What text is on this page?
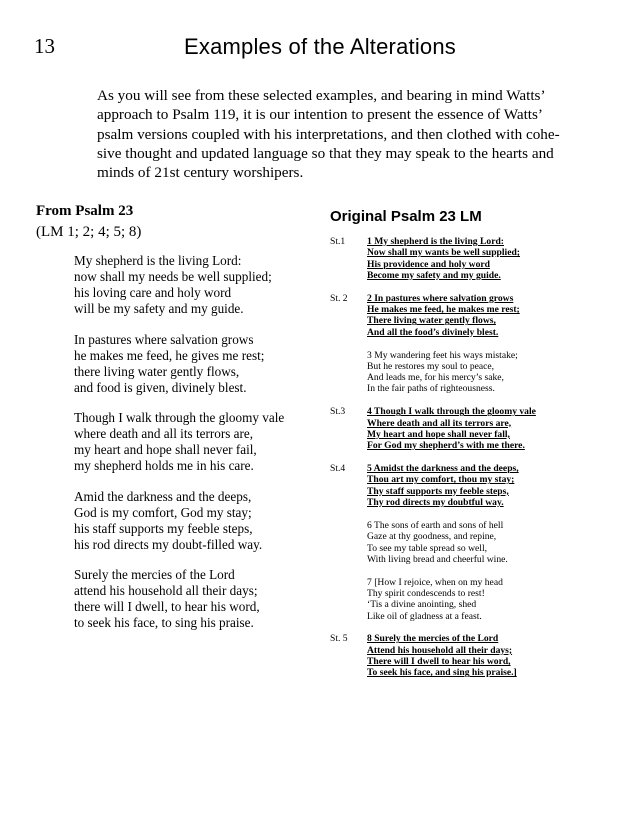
13	Examples of the Alterations
As you will see from these selected examples, and bearing in mind Watts’
approach to Psalm 119, it is our intention to present the essence of Watts’
psalm versions coupled with his interpretations, and then clothed with cohe-
sive thought and updated language so that they may speak to the hearts and
minds of 21st century worshipers.
From Psalm 23
(LM 1; 2; 4; 5; 8)
My shepherd is the living Lord:
now shall my needs be well supplied;
his loving care and holy word
will be my safety and my guide.
In pastures where salvation grows
he makes me feed, he gives me rest;
there living water gently flows,
and food is given, divinely blest.
Though I walk through the gloomy vale
where death and all its terrors are,
my heart and hope shall never fail,
my shepherd holds me in his care.
Amid the darkness and the deeps,
God is my comfort, God my stay;
his staff supports my feeble steps,
his rod directs my doubt-filled way.
Surely the mercies of the Lord
attend his household all their days;
there will I dwell, to hear his word,
to seek his face, to sing his praise.
Original Psalm 23 LM
St.1 1 My shepherd is the living Lord:
Now shall my wants be well supplied;
His providence and holy word
Become my safety and my guide.
St. 2 2 In pastures where salvation grows
He makes me feed, he makes me rest;
There living water gently flows,
And all the food’s divinely blest.
3 My wandering feet his ways mistake;
But he restores my soul to peace,
And leads me, for his mercy’s sake,
In the fair paths of righteousness.
St.3 4 Though I walk through the gloomy vale
Where death and all its terrors are,
My heart and hope shall never fall,
For God my shepherd’s with me there.
St.4 5 Amidst the darkness and the deeps,
Thou art my comfort, thou my stay;
Thy staff supports my feeble steps,
Thy rod directs my doubtful way.
6 The sons of earth and sons of hell
Gaze at thy goodness, and repine,
To see my table spread so well,
With living bread and cheerful wine.
7 [How I rejoice, when on my head
Thy spirit condescends to rest!
‘Tis a divine anointing, shed
Like oil of gladness at a feast.
St. 5 8 Surely the mercies of the Lord
Attend his household all their days;
There will I dwell to hear his word,
To seek his face, and sing his praise.]
